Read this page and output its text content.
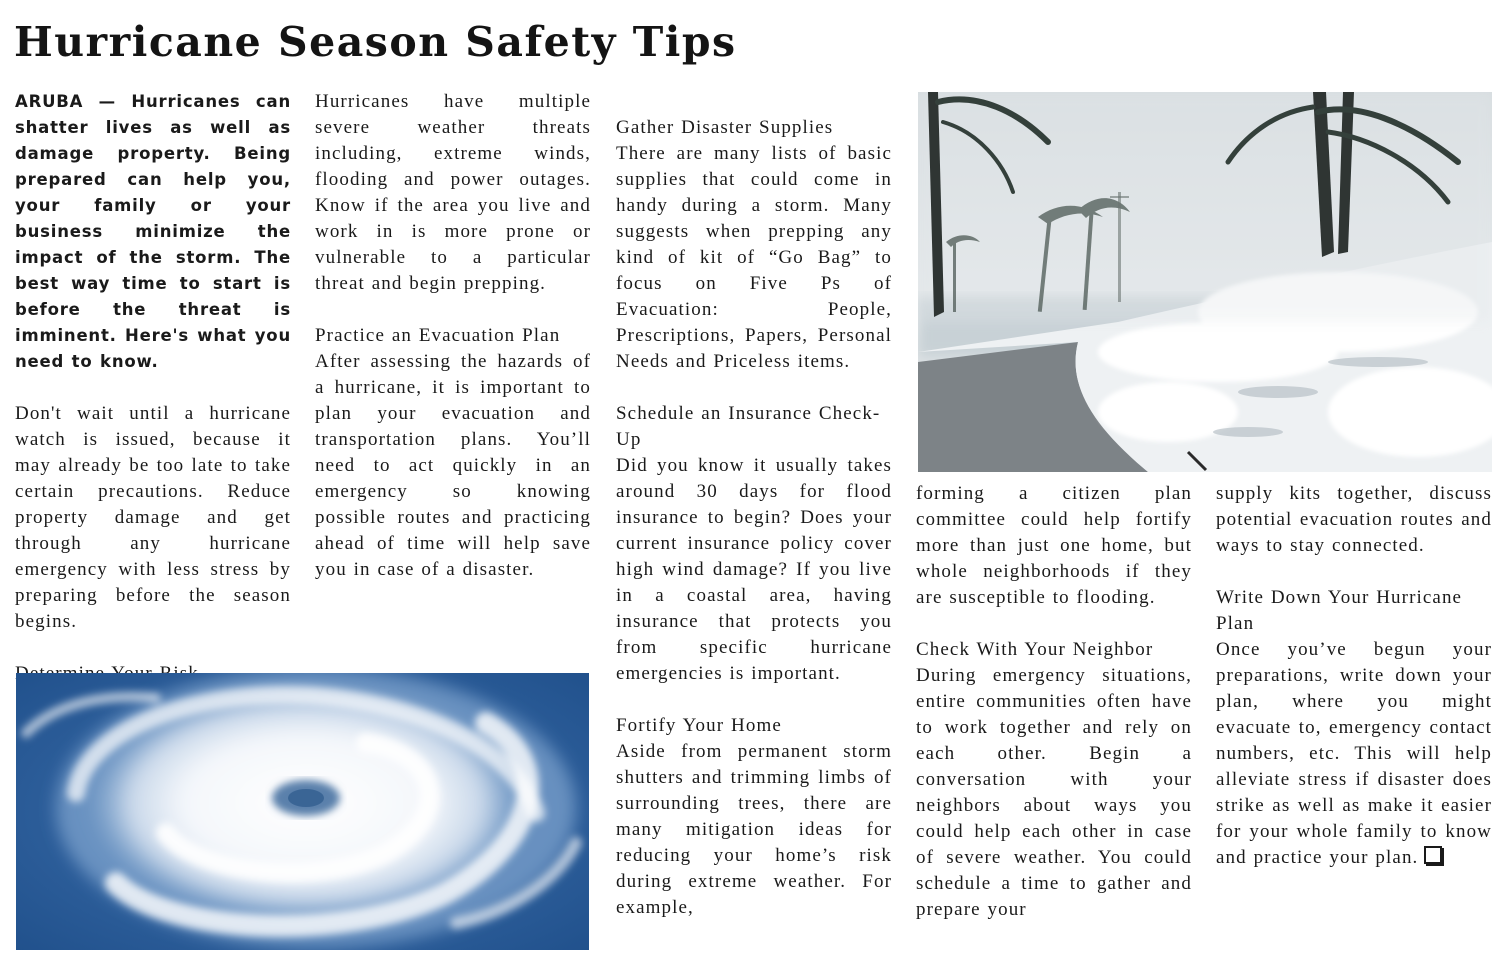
Hurricane Season Safety Tips

ARUBA — Hurricanes can shatter lives as well as damage property. Being prepared can help you, your family or your business minimize the impact of the storm. The best way time to start is before the threat is imminent. Here's what you need to know.

Don't wait until a hurricane watch is issued, because it may already be too late to take certain precautions. Reduce property damage and get through any hurricane emergency with less stress by preparing before the season begins.

Hurricanes have multiple severe weather threats including, extreme winds, flooding and power outages. Know if the area you live and work in is more prone or vulnerable to a particular threat and begin prepping.

Practice an Evacuation Plan
After assessing the hazards of a hurricane, it is important to plan your evacuation and transportation plans. You’ll need to act quickly in an emergency so knowing possible routes and practicing ahead of time will help save you in case of a disaster.

Gather Disaster Supplies
There are many lists of basic supplies that could come in handy during a storm. Many suggests when prepping any kind of kit of “Go Bag” to focus on Five Ps of Evacuation: People, Prescriptions, Papers, Personal Needs and Priceless items.

Schedule an Insurance Check-Up
Did you know it usually takes around 30 days for flood insurance to begin? Does your current insurance policy cover high wind damage? If you live in a coastal area, having insurance that protects you from specific hurricane emergencies is important.

Fortify Your Home
Aside from permanent storm shutters and trimming limbs of surrounding trees, there are many mitigation ideas for reducing your home’s risk during extreme weather. For example,

forming a citizen plan committee could help fortify more than just one home, but whole neighborhoods if they are susceptible to flooding.

Check With Your Neighbor
During emergency situations, entire communities often have to work together and rely on each other. Begin a conversation with your neighbors about ways you could help each other in case of severe weather. You could schedule a time to gather and prepare your

supply kits together, discuss potential evacuation routes and ways to stay connected.

Write Down Your Hurricane Plan
Once you’ve begun your preparations, write down your plan, where you might evacuate to, emergency contact numbers, etc. This will help alleviate stress if disaster does strike as well as make it easier for your whole family to know and practice your plan.
